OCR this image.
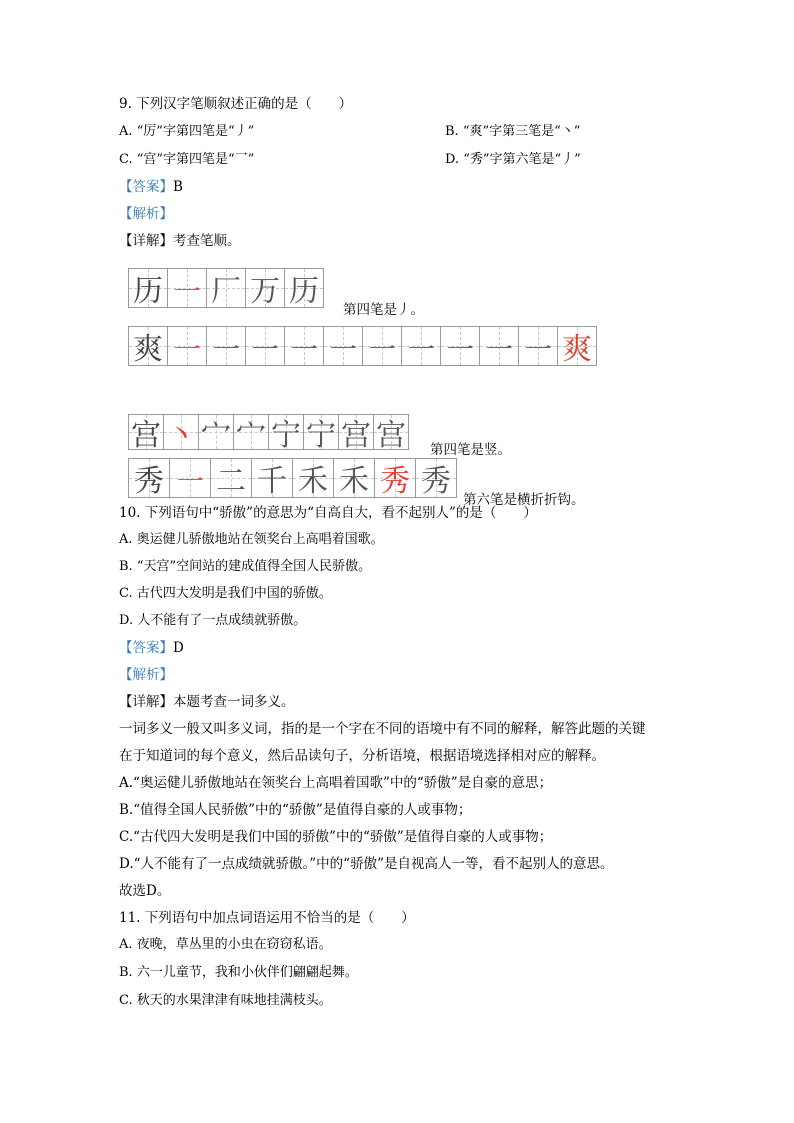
9. 下列汉字笔顺叙述正确的是（　　）
A. “厉”字第四笔是“丿”	B. “爽”字第三笔是“丶”
C. “宫”字第四笔是“乛”	D. “秀”字第六笔是“丿”
【答案】B
【解析】
【详解】考查笔顺。
历 ㇐ 厂 万 历
第四笔是丿。
爽 ㇐ ㇐ ㇐ ㇐ ㇐ ㇐ ㇐ ㇐ ㇐ ㇐ 爽
宫 丶 宀 宀 宁 宁 宫 宫 第四笔是竖。
秀 ㇐ 二 千 禾 禾 秀 秀
第六笔是横折折钩。
10. 下列语句中“骄傲”的意思为“自高自大，看不起别人”的是（　　）
A. 奥运健儿骄傲地站在领奖台上高唱着国歌。
B. “天宫”空间站的建成值得全国人民骄傲。
C. 古代四大发明是我们中国的骄傲。
D. 人不能有了一点成绩就骄傲。
【答案】D
【解析】
【详解】本题考查一词多义。
一词多义一般又叫多义词，指的是一个字在不同的语境中有不同的解释，解答此题的关键
在于知道词的每个意义，然后品读句子，分析语境，根据语境选择相对应的解释。
A.“奥运健儿骄傲地站在领奖台上高唱着国歌”中的“骄傲”是自豪的意思；
B.“值得全国人民骄傲”中的“骄傲”是值得自豪的人或事物；
C.“古代四大发明是我们中国的骄傲”中的“骄傲”是值得自豪的人或事物；
D.“人不能有了一点成绩就骄傲。”中的“骄傲”是自视高人一等，看不起别人的意思。
故选D。
11. 下列语句中加点词语运用不恰当的是（　　）
A. 夜晚，草丛里的小虫在窃窃私语。
B. 六一儿童节，我和小伙伴们翩翩起舞。
C. 秋天的水果津津有味地挂满枝头。
